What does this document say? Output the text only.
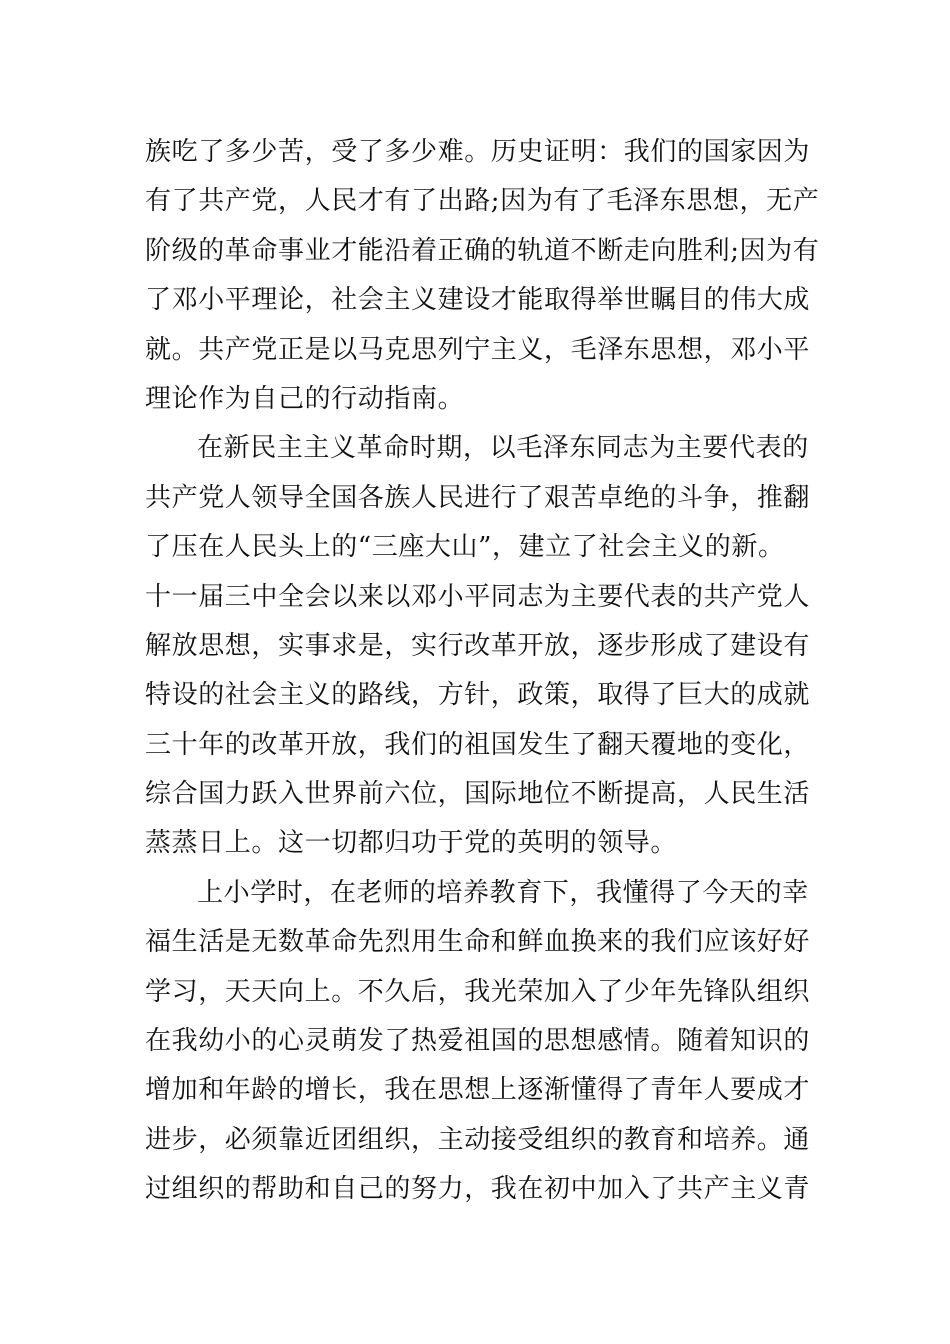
族吃了多少苦，受了多少难。历史证明：我们的国家因为
有了共产党，人民才有了出路;因为有了毛泽东思想，无产
阶级的革命事业才能沿着正确的轨道不断走向胜利;因为有
了邓小平理论，社会主义建设才能取得举世瞩目的伟大成
就。共产党正是以马克思列宁主义，毛泽东思想，邓小平
理论作为自己的行动指南。
在新民主主义革命时期，以毛泽东同志为主要代表的
共产党人领导全国各族人民进行了艰苦卓绝的斗争，推翻
了压在人民头上的“三座大山”，建立了社会主义的新。
十一届三中全会以来以邓小平同志为主要代表的共产党人
解放思想，实事求是，实行改革开放，逐步形成了建设有
特设的社会主义的路线，方针，政策，取得了巨大的成就
三十年的改革开放，我们的祖国发生了翻天覆地的变化，
综合国力跃入世界前六位，国际地位不断提高，人民生活
蒸蒸日上。这一切都归功于党的英明的领导。
上小学时，在老师的培养教育下，我懂得了今天的幸
福生活是无数革命先烈用生命和鲜血换来的我们应该好好
学习，天天向上。不久后，我光荣加入了少年先锋队组织
在我幼小的心灵萌发了热爱祖国的思想感情。随着知识的
增加和年龄的增长，我在思想上逐渐懂得了青年人要成才
进步，必须靠近团组织，主动接受组织的教育和培养。通
过组织的帮助和自己的努力，我在初中加入了共产主义青
